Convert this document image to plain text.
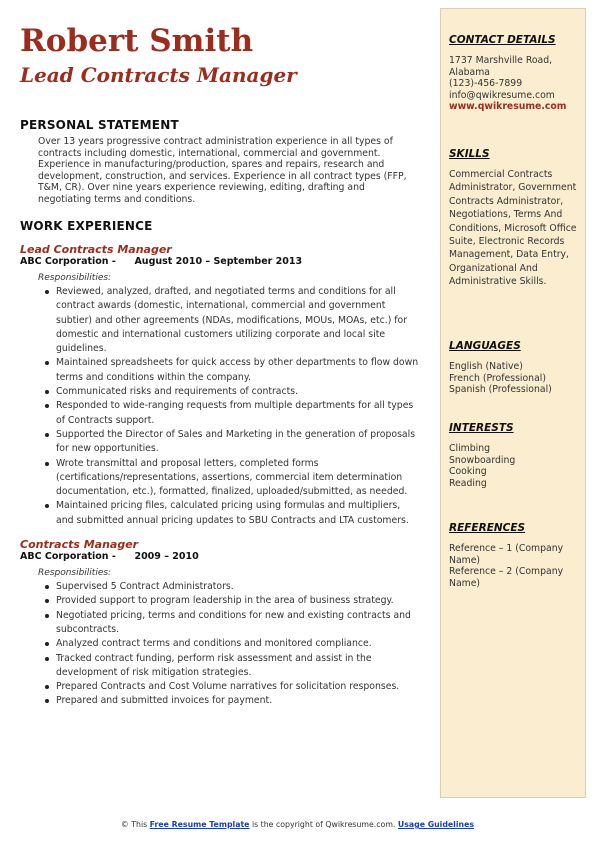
Robert Smith
Lead Contracts Manager
PERSONAL STATEMENT

Over 13 years progressive contract administration experience in all types of contracts including domestic, international, commercial and government. Experience in manufacturing/production, spares and repairs, research and development, construction, and services. Experience in all contract types (FFP, T&M, CR). Over nine years experience reviewing, editing, drafting and negotiating terms and conditions.

WORK EXPERIENCE
Lead Contracts Manager
ABC Corporation - August 2010 – September 2013
Responsibilities:
Reviewed, analyzed, drafted, and negotiated terms and conditions for all contract awards (domestic, international, commercial and government subtier) and other agreements (NDAs, modifications, MOUs, MOAs, etc.) for domestic and international customers utilizing corporate and local site guidelines.
Maintained spreadsheets for quick access by other departments to flow down terms and conditions within the company.
Communicated risks and requirements of contracts.
Responded to wide-ranging requests from multiple departments for all types of Contracts support.
Supported the Director of Sales and Marketing in the generation of proposals for new opportunities.
Wrote transmittal and proposal letters, completed forms (certifications/representations, assertions, commercial item determination documentation, etc.), formatted, finalized, uploaded/submitted, as needed.
Maintained pricing files, calculated pricing using formulas and multipliers, and submitted annual pricing updates to SBU Contracts and LTA customers.
Contracts Manager
ABC Corporation - 2009 – 2010
Responsibilities:
Supervised 5 Contract Administrators.
Provided support to program leadership in the area of business strategy.
Negotiated pricing, terms and conditions for new and existing contracts and subcontracts.
Analyzed contract terms and conditions and monitored compliance.
Tracked contract funding, perform risk assessment and assist in the development of risk mitigation strategies.
Prepared Contracts and Cost Volume narratives for solicitation responses.
Prepared and submitted invoices for payment.
CONTACT DETAILS
1737 Marshville Road, Alabama
(123)-456-7899
info@qwikresume.com
www.qwikresume.com
SKILLS
Commercial Contracts Administrator, Government Contracts Administrator, Negotiations, Terms And Conditions, Microsoft Office Suite, Electronic Records Management, Data Entry, Organizational And Administrative Skills.
LANGUAGES
English (Native)
French (Professional)
Spanish (Professional)
INTERESTS
Climbing
Snowboarding
Cooking
Reading
REFERENCES
Reference – 1 (Company Name)
Reference – 2 (Company Name)
© This Free Resume Template is the copyright of Qwikresume.com. Usage Guidelines
